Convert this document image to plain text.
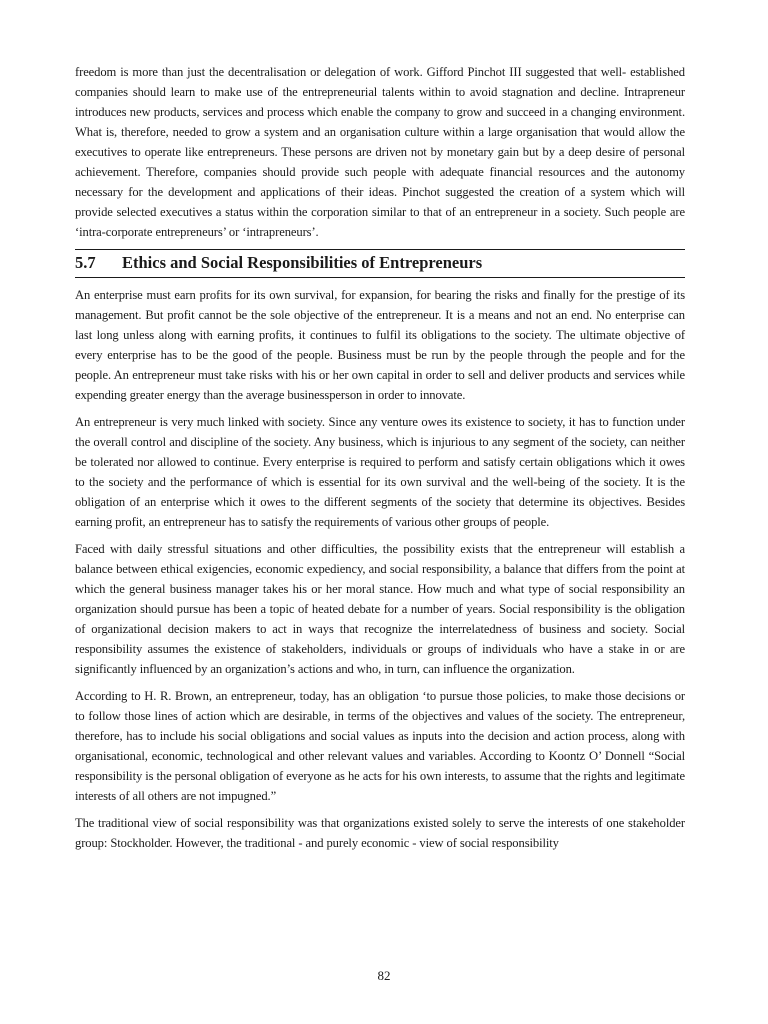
freedom is more than just the decentralisation or delegation of work. Gifford Pinchot III suggested that well- established companies should learn to make use of the entrepreneurial talents within to avoid stagnation and decline. Intrapreneur introduces new products, services and process which enable the company to grow and succeed in a changing environment. What is, therefore, needed to grow a system and an organisation culture within a large organisation that would allow the executives to operate like entrepreneurs. These persons are driven not by monetary gain but by a deep desire of personal achievement. Therefore, companies should provide such people with adequate financial resources and the autonomy necessary for the development and applications of their ideas. Pinchot suggested the creation of a system which will provide selected executives a status within the corporation similar to that of an entrepreneur in a society. Such people are ‘intra-corporate entrepreneurs’ or ‘intrapreneurs’.

5.7	Ethics and Social Responsibilities of Entrepreneurs

An enterprise must earn profits for its own survival, for expansion, for bearing the risks and finally for the prestige of its management. But profit cannot be the sole objective of the entrepreneur. It is a means and not an end. No enterprise can last long unless along with earning profits, it continues to fulfil its obligations to the society. The ultimate objective of every enterprise has to be the good of the people. Business must be run by the people through the people and for the people. An entrepreneur must take risks with his or her own capital in order to sell and deliver products and services while expending greater energy than the average businessperson in order to innovate.

An entrepreneur is very much linked with society. Since any venture owes its existence to society, it has to function under the overall control and discipline of the society. Any business, which is injurious to any segment of the society, can neither be tolerated nor allowed to continue. Every enterprise is required to perform and satisfy certain obligations which it owes to the society and the performance of which is essential for its own survival and the well-being of the society. It is the obligation of an enterprise which it owes to the different segments of the society that determine its objectives. Besides earning profit, an entrepreneur has to satisfy the requirements of various other groups of people.

Faced with daily stressful situations and other difficulties, the possibility exists that the entrepreneur will establish a balance between ethical exigencies, economic expediency, and social responsibility, a balance that differs from the point at which the general business manager takes his or her moral stance. How much and what type of social responsibility an organization should pursue has been a topic of heated debate for a number of years. Social responsibility is the obligation of organizational decision makers to act in ways that recognize the interrelatedness of business and society. Social responsibility assumes the existence of stakeholders, individuals or groups of individuals who have a stake in or are significantly influenced by an organization’s actions and who, in turn, can influence the organization.

According to H. R. Brown, an entrepreneur, today, has an obligation ‘to pursue those policies, to make those decisions or to follow those lines of action which are desirable, in terms of the objectives and values of the society. The entrepreneur, therefore, has to include his social obligations and social values as inputs into the decision and action process, along with organisational, economic, technological and other relevant values and variables. According to Koontz O’ Donnell “Social responsibility is the personal obligation of everyone as he acts for his own interests, to assume that the rights and legitimate interests of all others are not impugned.”

The traditional view of social responsibility was that organizations existed solely to serve the interests of one stakeholder group: Stockholder. However, the traditional - and purely economic - view of social responsibility

82
